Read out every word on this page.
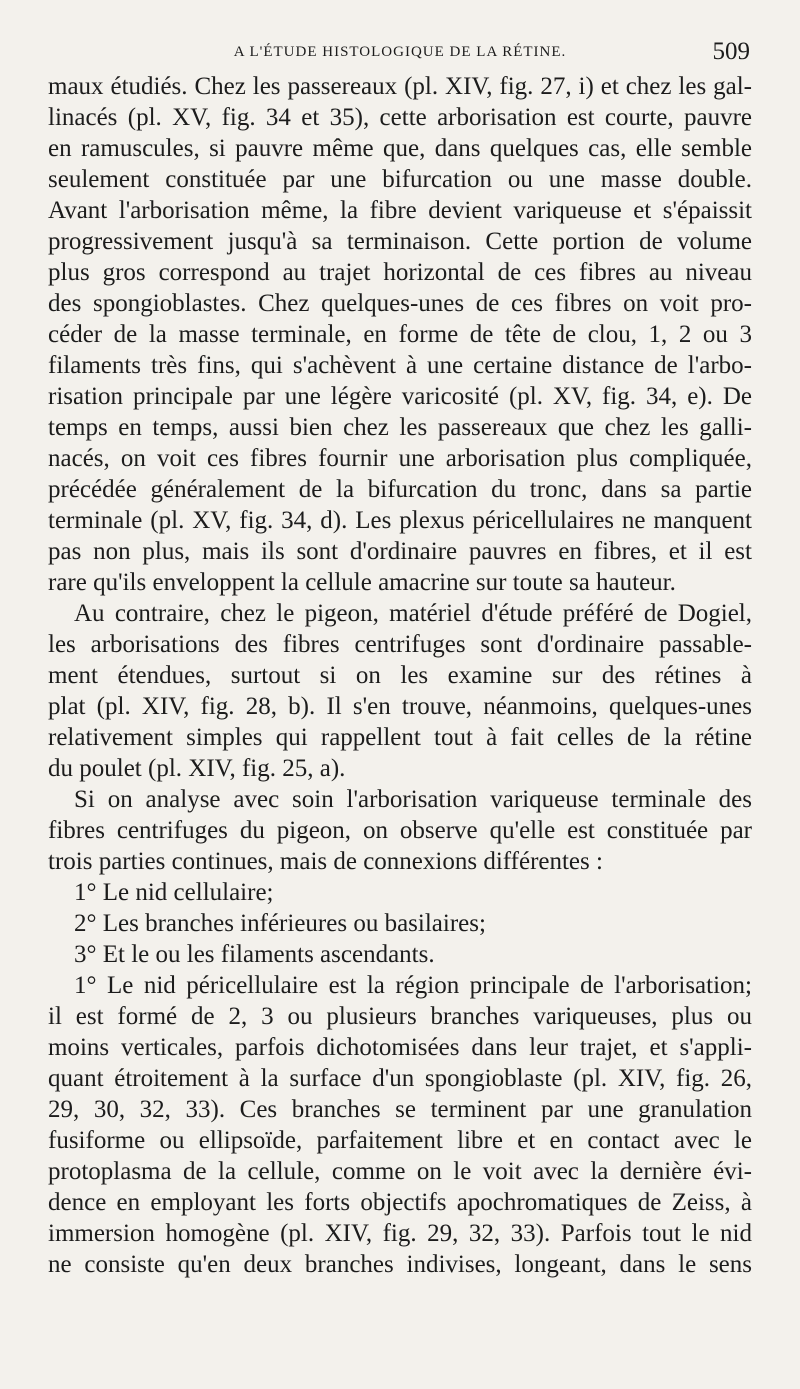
A L'ÉTUDE HISTOLOGIQUE DE LA RÉTINE.	509
maux étudiés. Chez les passereaux (pl. XIV, fig. 27, i) et chez les gal-
linacés (pl. XV, fig. 34 et 35), cette arborisation est courte, pauvre
en ramuscules, si pauvre même que, dans quelques cas, elle semble
seulement constituée par une bifurcation ou une masse double.
Avant l'arborisation même, la fibre devient variqueuse et s'épaissit
progressivement jusqu'à sa terminaison. Cette portion de volume
plus gros correspond au trajet horizontal de ces fibres au niveau
des spongioblastes. Chez quelques-unes de ces fibres on voit pro-
céder de la masse terminale, en forme de tête de clou, 1, 2 ou 3
filaments très fins, qui s'achèvent à une certaine distance de l'arbo-
risation principale par une légère varicosité (pl. XV, fig. 34, e). De
temps en temps, aussi bien chez les passereaux que chez les galli-
nacés, on voit ces fibres fournir une arborisation plus compliquée,
précédée généralement de la bifurcation du tronc, dans sa partie
terminale (pl. XV, fig. 34, d). Les plexus péricellulaires ne manquent
pas non plus, mais ils sont d'ordinaire pauvres en fibres, et il est
rare qu'ils enveloppent la cellule amacrine sur toute sa hauteur.
Au contraire, chez le pigeon, matériel d'étude préféré de Dogiel,
les arborisations des fibres centrifuges sont d'ordinaire passable-
ment étendues, surtout si on les examine sur des rétines à
plat (pl. XIV, fig. 28, b). Il s'en trouve, néanmoins, quelques-unes
relativement simples qui rappellent tout à fait celles de la rétine
du poulet (pl. XIV, fig. 25, a).
Si on analyse avec soin l'arborisation variqueuse terminale des
fibres centrifuges du pigeon, on observe qu'elle est constituée par
trois parties continues, mais de connexions différentes :
1° Le nid cellulaire;
2° Les branches inférieures ou basilaires;
3° Et le ou les filaments ascendants.
1° Le nid péricellulaire est la région principale de l'arborisation;
il est formé de 2, 3 ou plusieurs branches variqueuses, plus ou
moins verticales, parfois dichotomisées dans leur trajet, et s'appli-
quant étroitement à la surface d'un spongioblaste (pl. XIV, fig. 26,
29, 30, 32, 33). Ces branches se terminent par une granulation
fusiforme ou ellipsoïde, parfaitement libre et en contact avec le
protoplasma de la cellule, comme on le voit avec la dernière évi-
dence en employant les forts objectifs apochromatiques de Zeiss, à
immersion homogène (pl. XIV, fig. 29, 32, 33). Parfois tout le nid
ne consiste qu'en deux branches indivises, longeant, dans le sens
